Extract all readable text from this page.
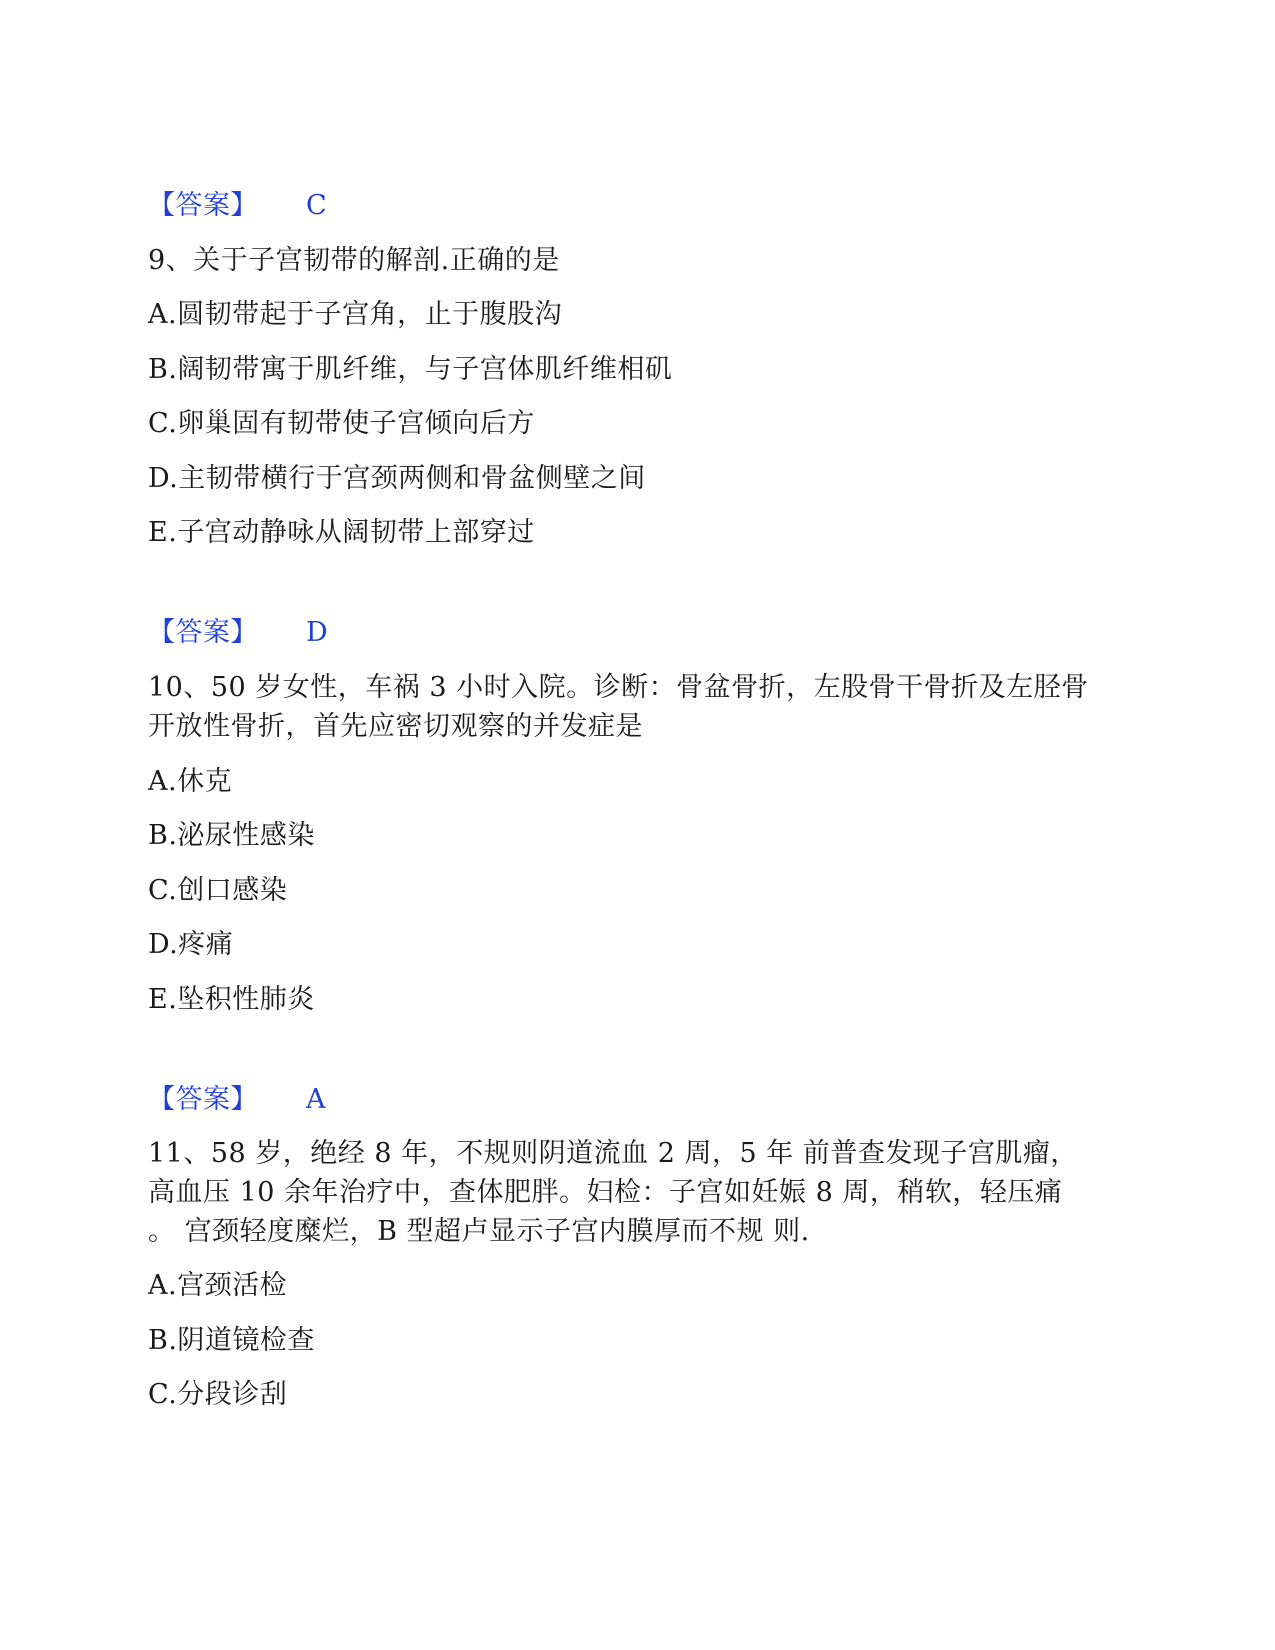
【答案】 C
9、关于子宫韧带的解剖.正确的是
A.圆韧带起于子宫角，止于腹股沟
B.阔韧带寓于肌纤维，与子宫体肌纤维相矶
C.卵巢固有韧带使子宫倾向后方
D.主韧带横行于宫颈两侧和骨盆侧壁之间
E.子宫动静咏从阔韧带上部穿过
【答案】 D
10、50 岁女性，车祸 3 小时入院。诊断：骨盆骨折，左股骨干骨折及左胫骨
开放性骨折，首先应密切观察的并发症是
A.休克
B.泌尿性感染
C.创口感染
D.疼痛
E.坠积性肺炎
【答案】 A
11、58 岁，绝经 8 年，不规则阴道流血 2 周，5 年 前普查发现子宫肌瘤，
高血压 10 余年治疗中，查体肥胖。妇检：子宫如妊娠 8 周，稍软，轻压痛
。 宫颈轻度糜烂，B 型超卢显示子宫内膜厚而不规 则.
A.宫颈活检
B.阴道镜检查
C.分段诊刮
